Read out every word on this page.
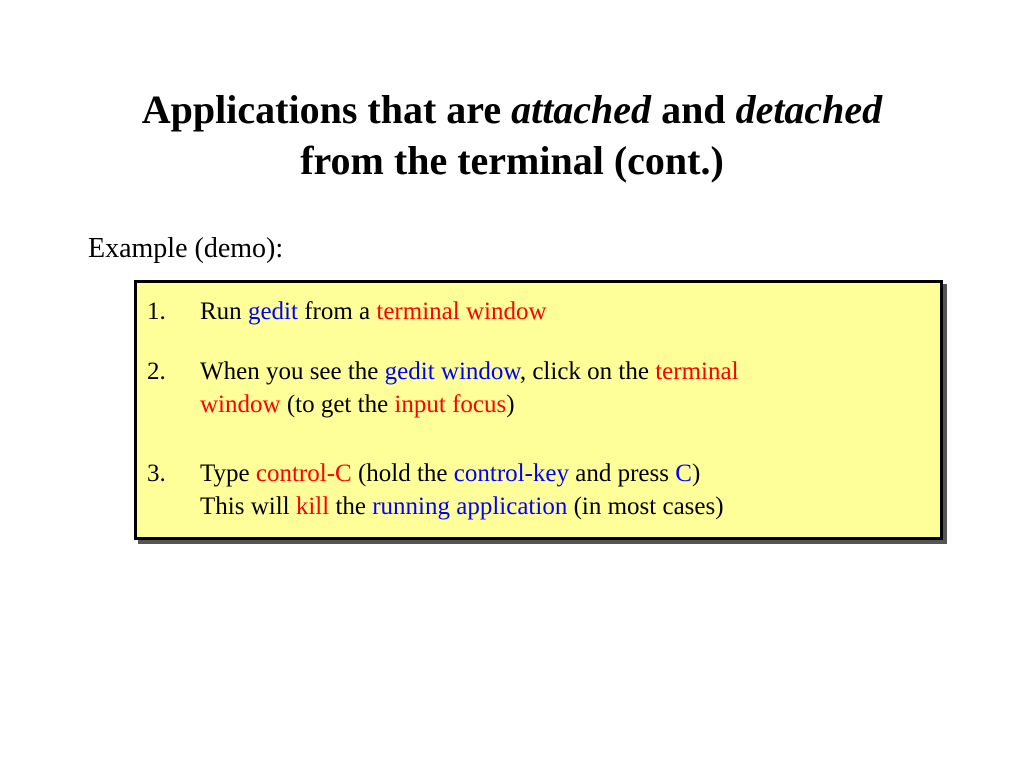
Applications that are attached and detached
from the terminal (cont.)

Example (demo):

1. Run gedit from a terminal window
2. When you see the gedit window, click on the terminal
window (to get the input focus)
3. Type control-C (hold the control-key and press C)
This will kill the running application (in most cases)
